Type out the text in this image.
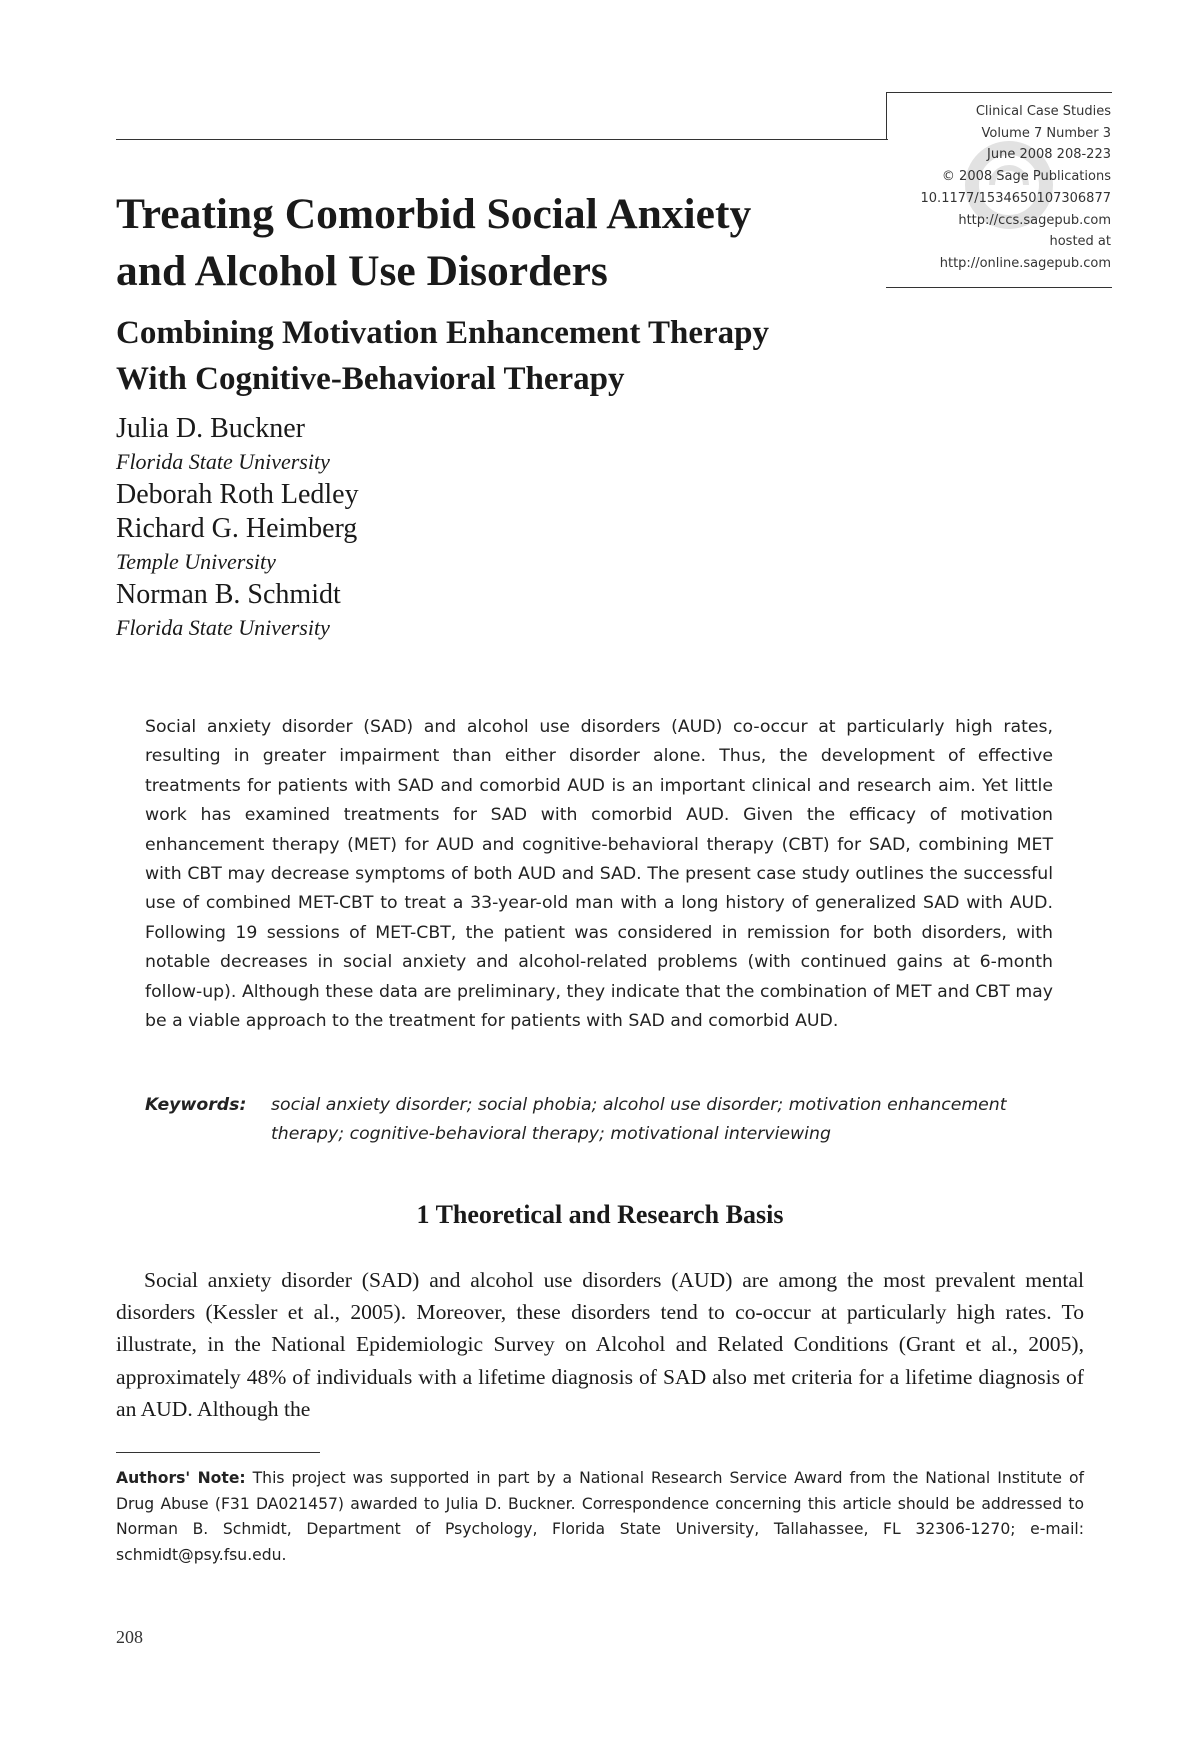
Clinical Case Studies
Volume 7 Number 3
June 2008 208-223
© 2008 Sage Publications
10.1177/1534650107306877
http://ccs.sagepub.com
hosted at
http://online.sagepub.com
Treating Comorbid Social Anxiety
and Alcohol Use Disorders
Combining Motivation Enhancement Therapy
With Cognitive-Behavioral Therapy
Julia D. Buckner
Florida State University
Deborah Roth Ledley
Richard G. Heimberg
Temple University
Norman B. Schmidt
Florida State University

Social anxiety disorder (SAD) and alcohol use disorders (AUD) co-occur at particularly high rates, resulting in greater impairment than either disorder alone. Thus, the development of effective treatments for patients with SAD and comorbid AUD is an important clinical and research aim. Yet little work has examined treatments for SAD with comorbid AUD. Given the efficacy of motivation enhancement therapy (MET) for AUD and cognitive-behavioral therapy (CBT) for SAD, combining MET with CBT may decrease symptoms of both AUD and SAD. The present case study outlines the successful use of combined MET-CBT to treat a 33-year-old man with a long history of generalized SAD with AUD. Following 19 sessions of MET-CBT, the patient was considered in remission for both disorders, with notable decreases in social anxiety and alcohol-related problems (with continued gains at 6-month follow-up). Although these data are preliminary, they indicate that the combination of MET and CBT may be a viable approach to the treatment for patients with SAD and comorbid AUD.

Keywords:	social anxiety disorder; social phobia; alcohol use disorder; motivation enhancement therapy; cognitive-behavioral therapy; motivational interviewing
1 Theoretical and Research Basis

Social anxiety disorder (SAD) and alcohol use disorders (AUD) are among the most prevalent mental disorders (Kessler et al., 2005). Moreover, these disorders tend to co-occur at particularly high rates. To illustrate, in the National Epidemiologic Survey on Alcohol and Related Conditions (Grant et al., 2005), approximately 48% of individuals with a lifetime diagnosis of SAD also met criteria for a lifetime diagnosis of an AUD. Although the

Authors' Note: This project was supported in part by a National Research Service Award from the National Institute of Drug Abuse (F31 DA021457) awarded to Julia D. Buckner. Correspondence concerning this article should be addressed to Norman B. Schmidt, Department of Psychology, Florida State University, Tallahassee, FL 32306-1270; e-mail: schmidt@psy.fsu.edu.

208
